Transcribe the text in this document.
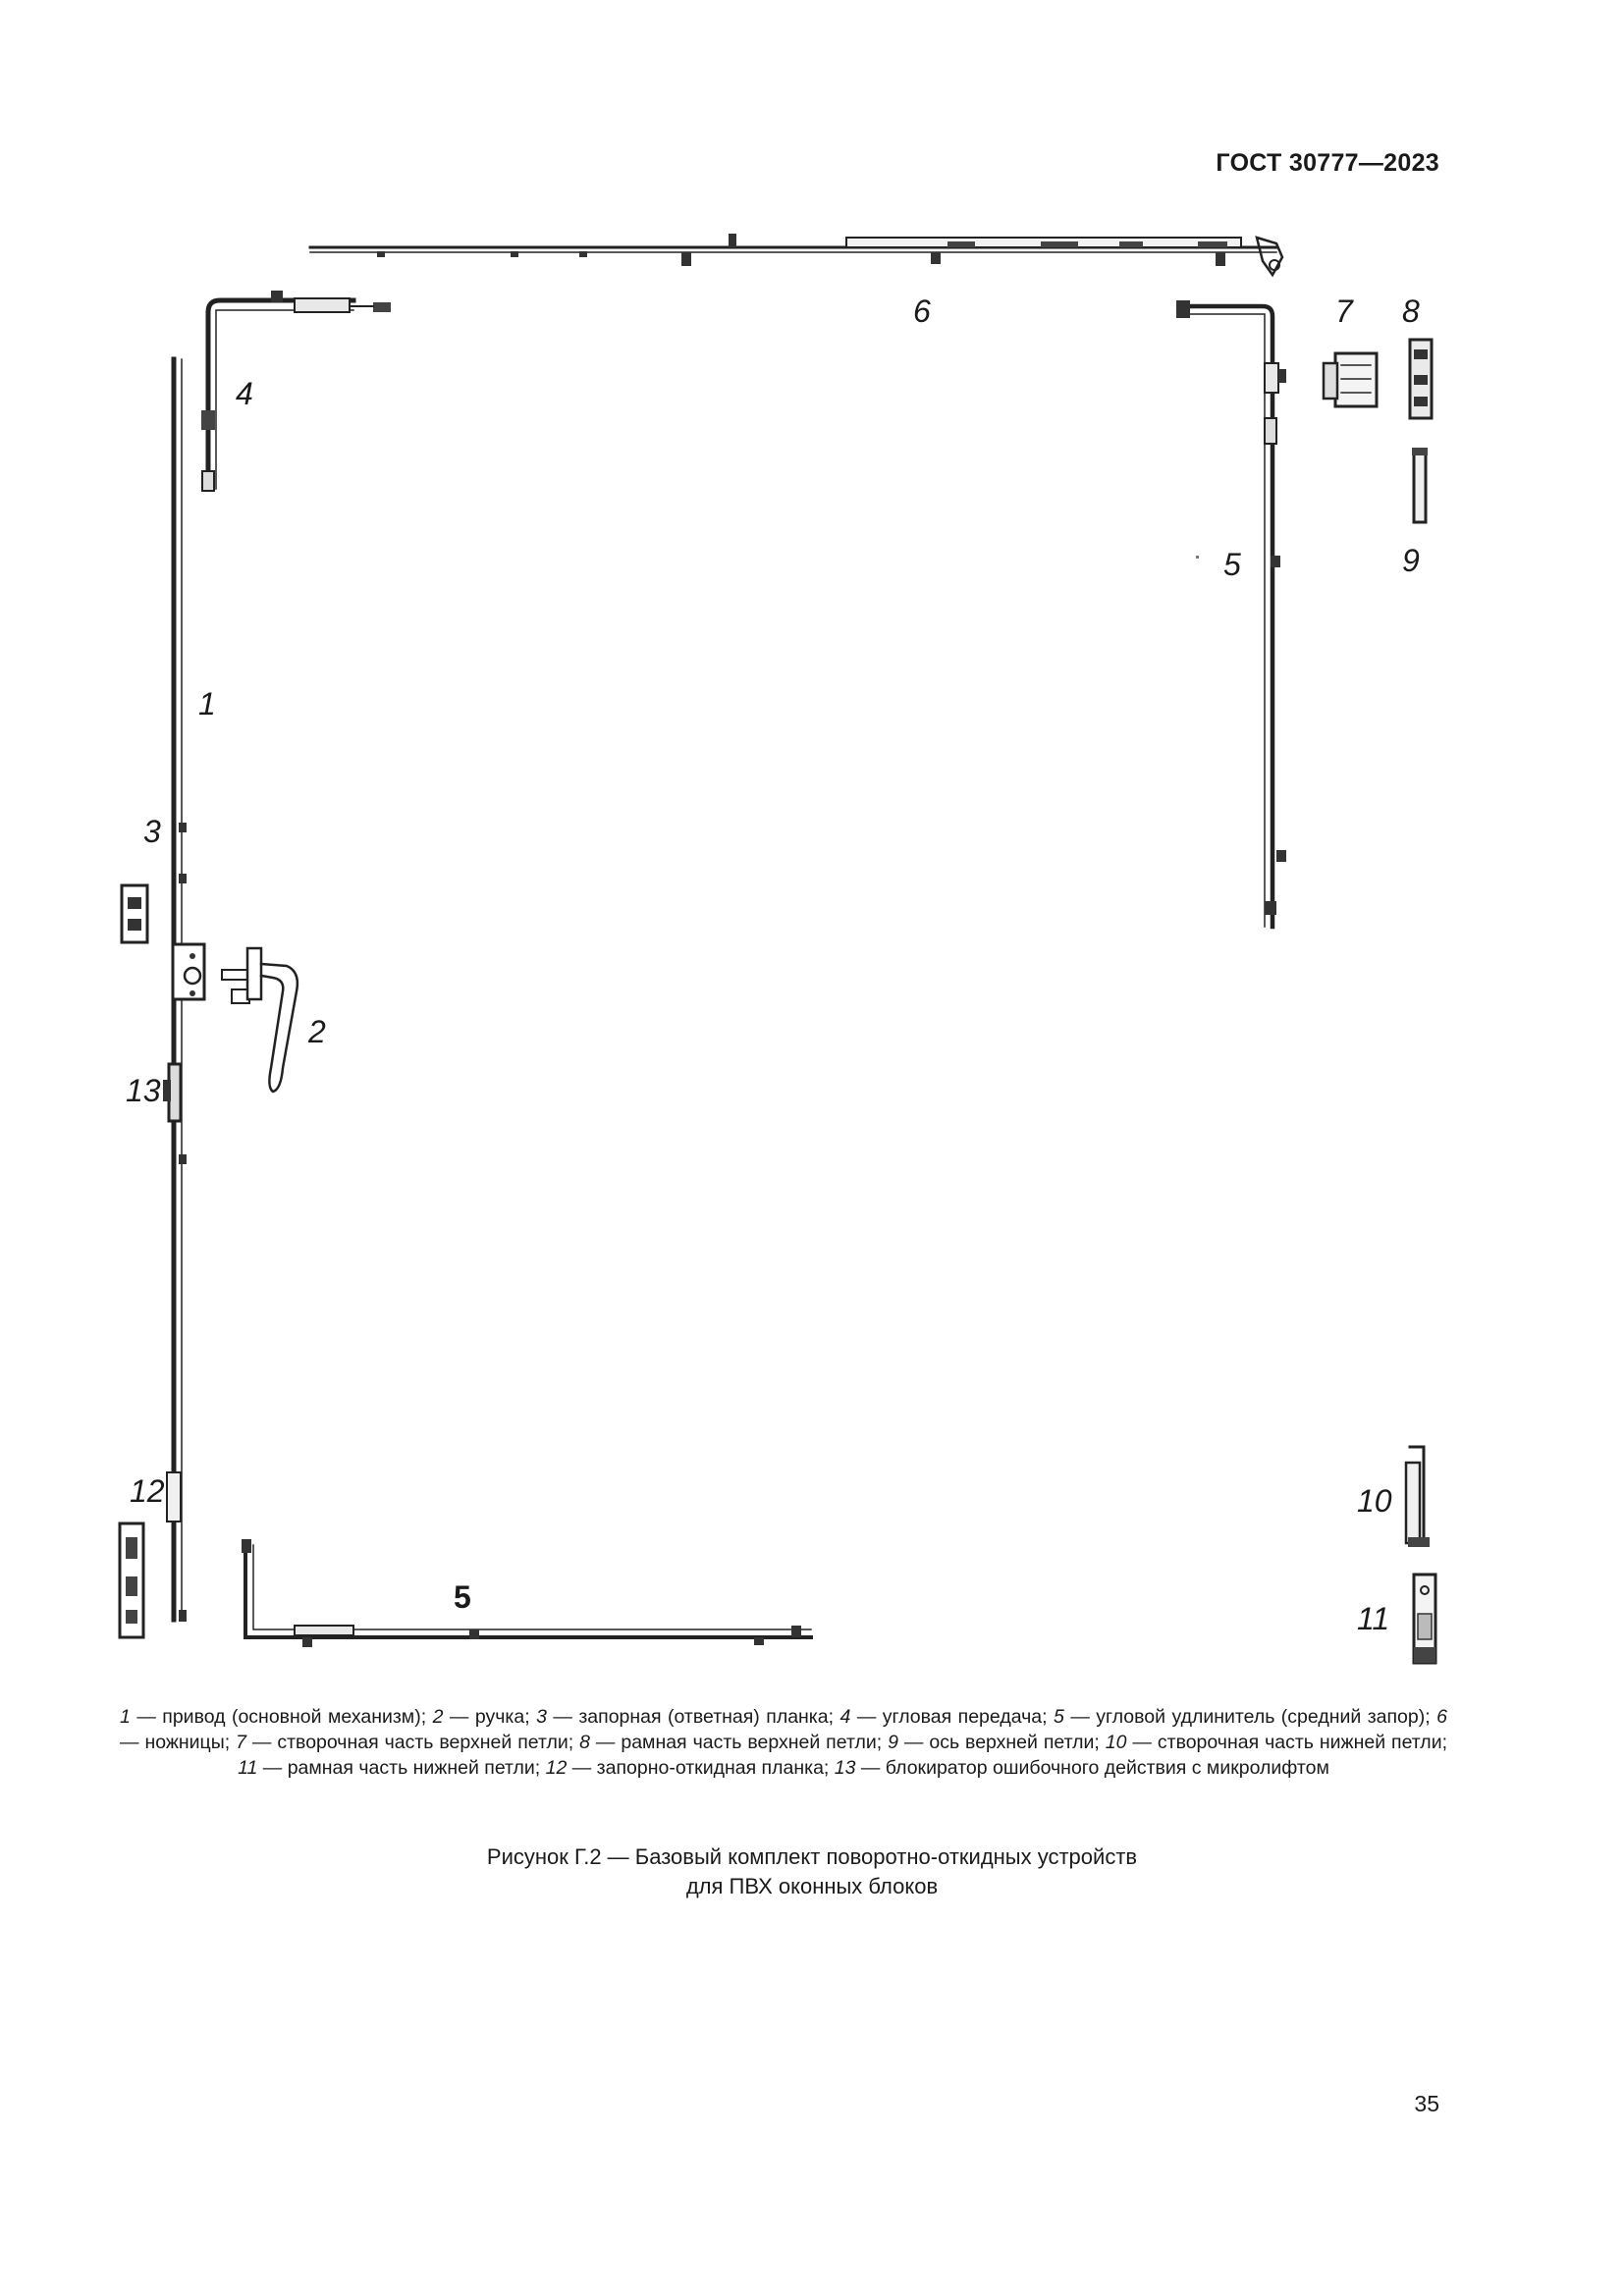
ГОСТ 30777—2023
1
2
3
4
5
5
6	7 8
9
10
11
12
13
1 — привод (основной механизм); 2 — ручка; 3 — запорная (ответная) планка; 4 — угловая передача; 5 — угловой удлинитель (средний запор); 6 — ножницы; 7 — створочная часть верхней петли; 8 — рамная часть верхней петли; 9 — ось верхней петли; 10 — створочная часть нижней петли; 11 — рамная часть нижней петли; 12 — запорно-откидная планка; 13 — блокиратор ошибочного действия с микролифтом
Рисунок Г.2 — Базовый комплект поворотно-откидных устройств
для ПВХ оконных блоков
35
